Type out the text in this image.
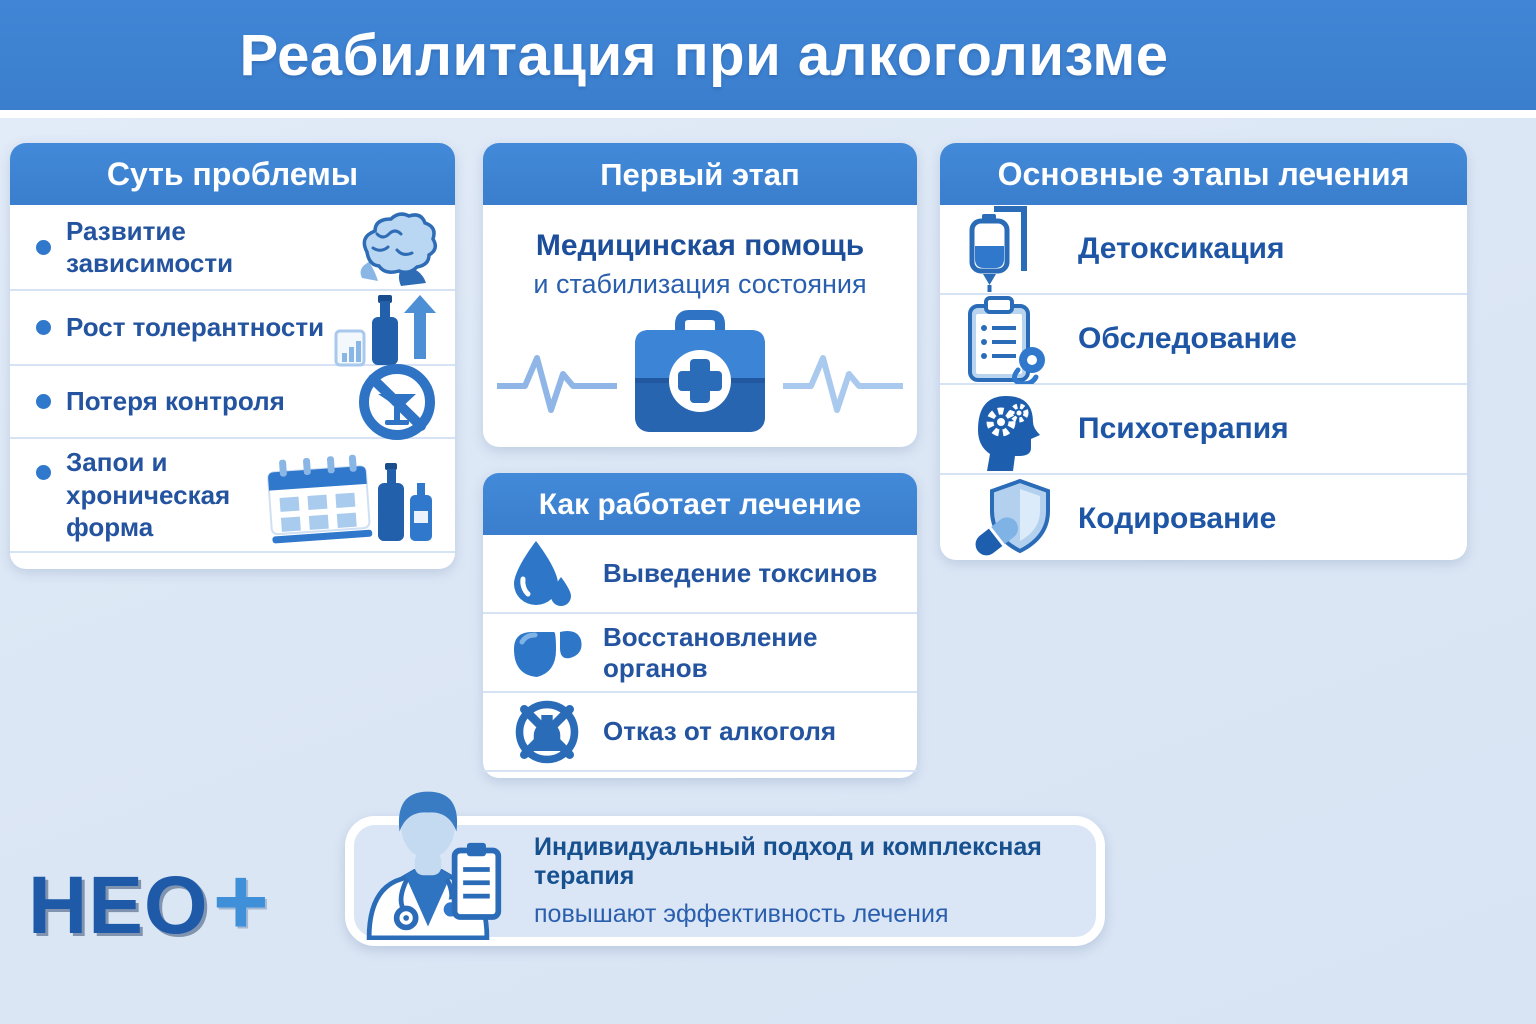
Реабилитация при алкоголизме
Суть проблемы
Развитие зависимости
Рост толерантности
Потеря контроля
Запои и
хроническая форма
Первый этап
Медицинская помощь
и стабилизация состояния
Как работает лечение
Выведение токсинов
Восстановление органов
Отказ от алкоголя
Основные этапы лечения
Детоксикация
Обследование
Психотерапия
Кодирование
Индивидуальный подход и комплексная терапия
повышают эффективность лечения
НЕО +
